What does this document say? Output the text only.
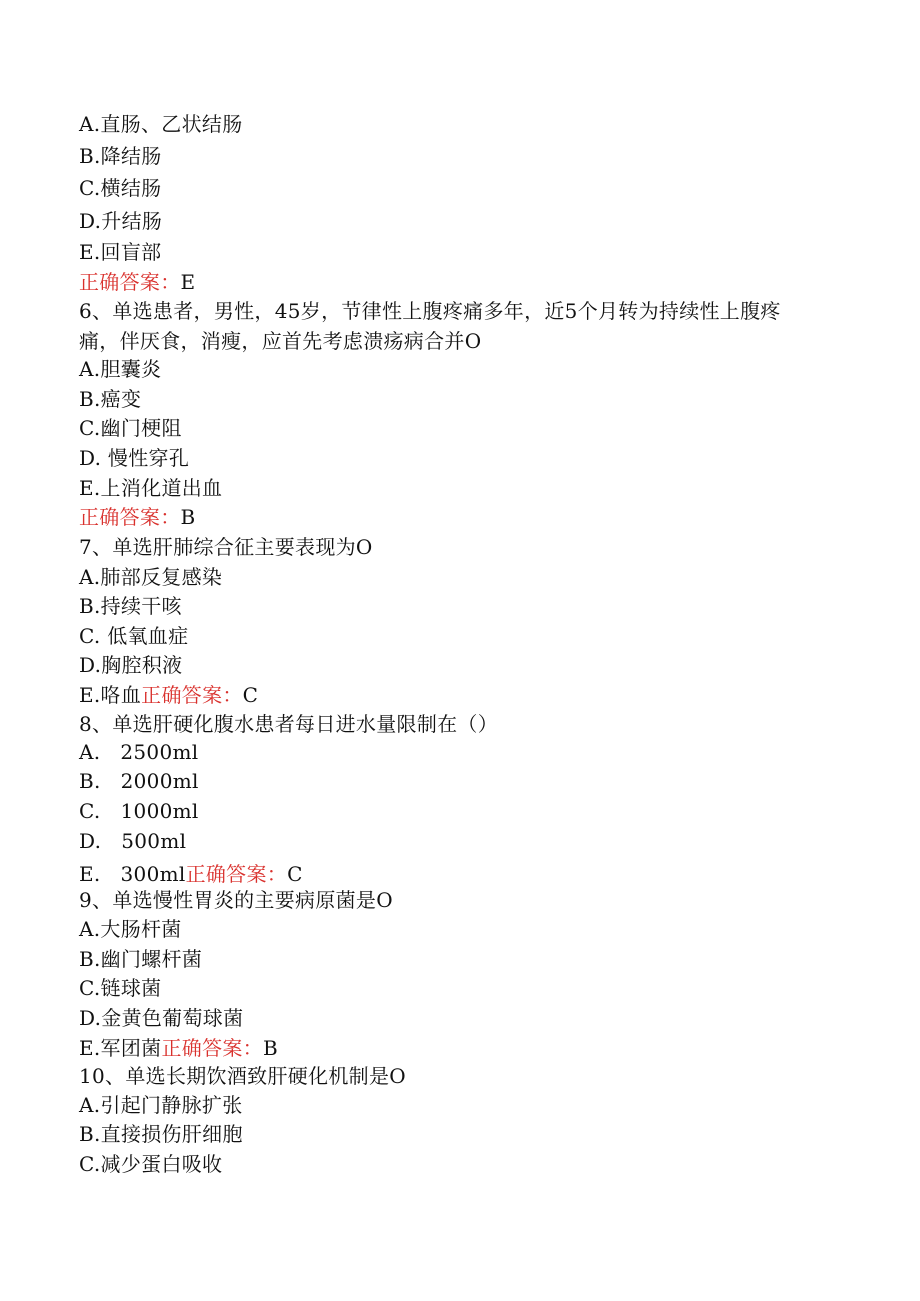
A.直肠、乙状结肠
B.降结肠
C.横结肠
D.升结肠
E.回盲部
正确答案：E
6、单选患者，男性，45岁，节律性上腹疼痛多年，近5个月转为持续性上腹疼痛，伴厌食，消瘦，应首先考虑溃疡病合并O
A.胆囊炎
B.癌变
C.幽门梗阻
D. 慢性穿孔
E.上消化道出血
正确答案：B
7、单选肝肺综合征主要表现为O
A.肺部反复感染
B.持续干咳
C. 低氧血症
D.胸腔积液
E.咯血正确答案：C
8、单选肝硬化腹水患者每日进水量限制在（）
A.   2500ml
B.   2000ml
C.   1000ml
D.   500ml
E.   300ml正确答案：C
9、单选慢性胃炎的主要病原菌是O
A.大肠杆菌
B.幽门螺杆菌
C.链球菌
D.金黄色葡萄球菌
E.军团菌正确答案：B
10、单选长期饮酒致肝硬化机制是O
A.引起门静脉扩张
B.直接损伤肝细胞
C.减少蛋白吸收
